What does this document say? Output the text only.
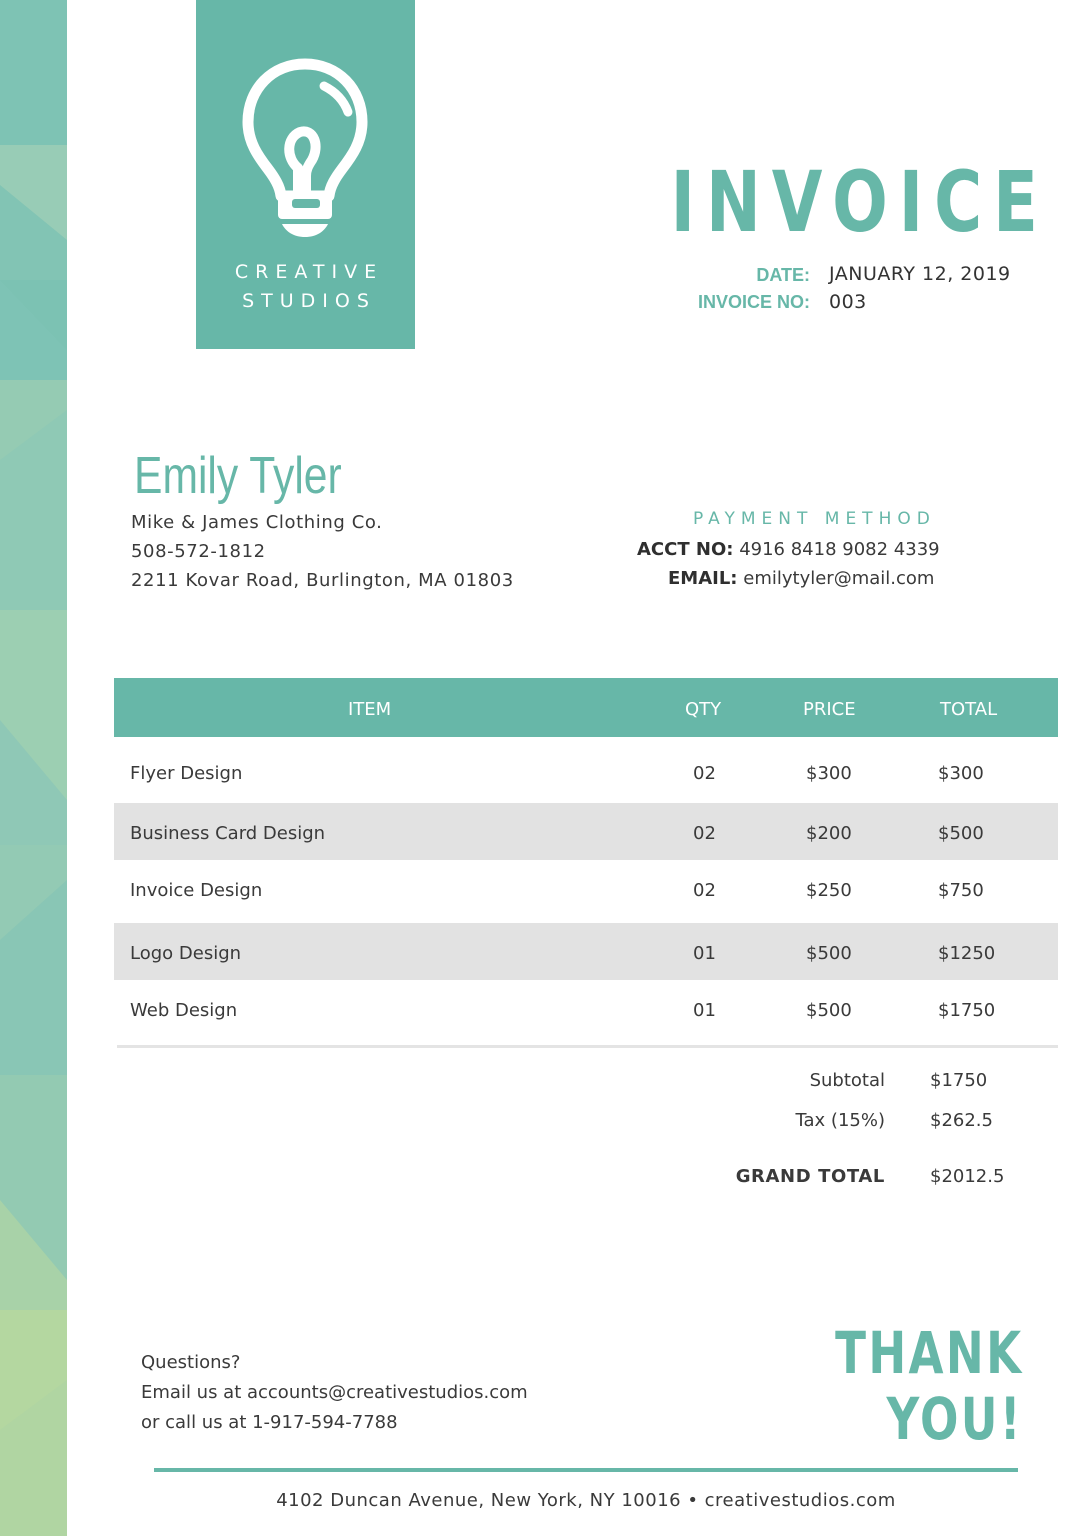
CREATIVE
STUDIOS
INVOICE
DATE: JANUARY 12, 2019
INVOICE NO: 003
Emily Tyler
Mike & James Clothing Co.
508-572-1812
2211 Kovar Road, Burlington, MA 01803
PAYMENT METHOD
ACCT NO: 4916 8418 9082 4339
EMAIL: emilytyler@mail.com
ITEM	QTY	PRICE	TOTAL
Flyer Design	02	$300	$300
Business Card Design	02	$200	$500
Invoice Design	02	$250	$750
Logo Design	01	$500	$1250
Web Design	01	$500	$1750
Subtotal	$1750
Tax (15%)	$262.5
GRAND TOTAL	$2012.5
Questions?
Email us at accounts@creativestudios.com
or call us at 1-917-594-7788
THANK
YOU!
4102 Duncan Avenue, New York, NY 10016 • creativestudios.com
